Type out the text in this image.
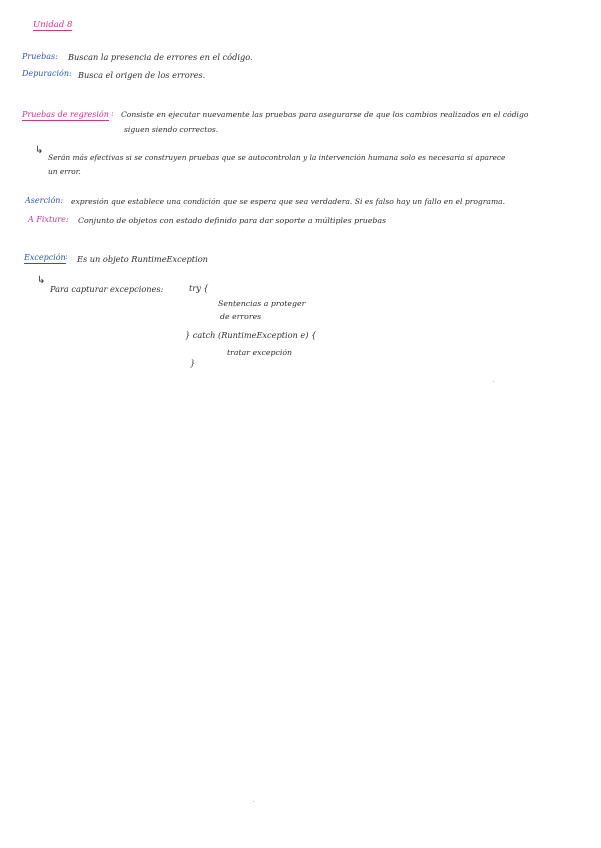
Unidad 8
Pruebas: Buscan la presencia de errores en el código.
Depuración: Busca el origen de los errores.
Pruebas de regresión : Consiste en ejecutar nuevamente las pruebas para asegurarse de que los cambios realizados en el código
siguen siendo correctos.
↳
Serán más efectivas si se construyen pruebas que se autocontrolan y la intervención humana solo es necesaria si aparece
un error.
Aserción: expresión que establece una condición que se espera que sea verdadera. Si es falso hay un fallo en el programa.
A Fixture: Conjunto de objetos con estado definido para dar soporte a múltiples pruebas
Excepción : Es un objeto RuntimeException
↳
Para capturar excepciones:	try {
Sentencias a proteger
de errores
} catch (RuntimeException e) {
tratar excepción
}
